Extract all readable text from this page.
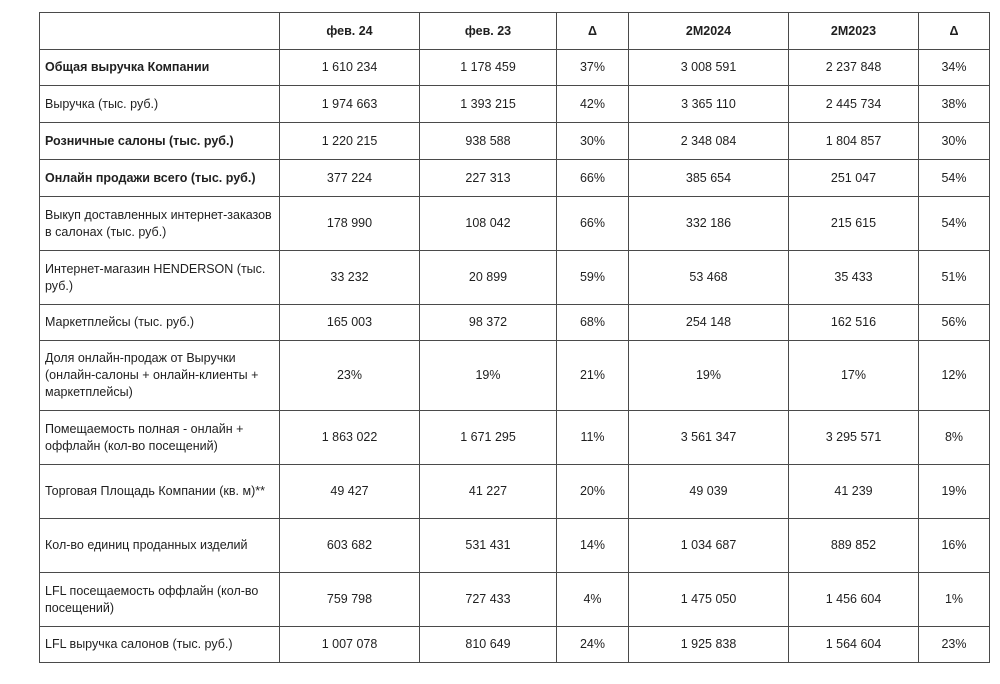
	фев. 24	фев. 23	Δ	2M2024	2M2023	Δ
Общая выручка Компании	1 610 234	1 178 459	37%	3 008 591	2 237 848	34%
Выручка (тыс. руб.)	1 974 663	1 393 215	42%	3 365 110	2 445 734	38%
Розничные салоны (тыс. руб.)	1 220 215	938 588	30%	2 348 084	1 804 857	30%
Онлайн продажи всего (тыс. руб.)	377 224	227 313	66%	385 654	251 047	54%
Выкуп доставленных интернет-заказов в салонах (тыс. руб.)	178 990	108 042	66%	332 186	215 615	54%
Интернет-магазин HENDERSON (тыс. руб.)	33 232	20 899	59%	53 468	35 433	51%
Маркетплейсы (тыс. руб.)	165 003	98 372	68%	254 148	162 516	56%
Доля онлайн-продаж от Выручки (онлайн-салоны + онлайн-клиенты + маркетплейсы)	23%	19%	21%	19%	17%	12%
Помещаемость полная - онлайн + оффлайн (кол-во посещений)	1 863 022	1 671 295	11%	3 561 347	3 295 571	8%
Торговая Площадь Компании (кв. м)**	49 427	41 227	20%	49 039	41 239	19%
Кол-во единиц проданных изделий	603 682	531 431	14%	1 034 687	889 852	16%
LFL посещаемость оффлайн (кол-во посещений)	759 798	727 433	4%	1 475 050	1 456 604	1%
LFL выручка салонов (тыс. руб.)	1 007 078	810 649	24%	1 925 838	1 564 604	23%
